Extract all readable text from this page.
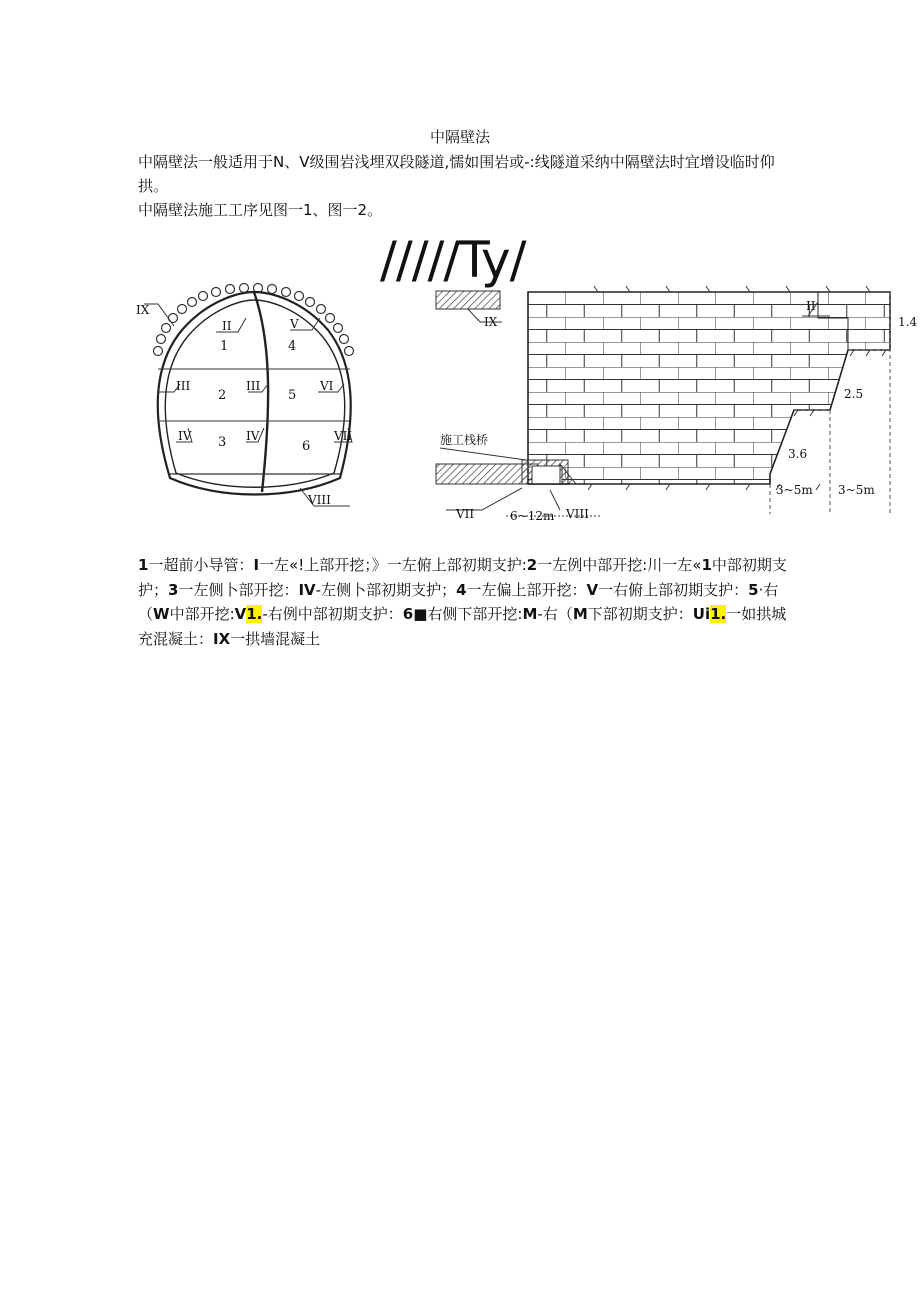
中隔壁法
中隔壁法一般适用于N、V级围岩浅埋双段隧道,懦如围岩或-:线隧道采纳中隔壁法时宜增设临时仰拱。
中隔壁法施工工序见图一1、图一2。
/////Ty/
1
2
3
4
5
6
IX
II	V
III	III	VI
IV	IV	VII
VIII
IX
II
施工栈桥
VII	6~12m VIII
1.4
2.5
3.6
3~5m 3~5m
1一超前小导管：I一左«!上部开挖；》一左俯上部初期支护:2一左例中部开挖:川一左«1中部初期支护；3一左侧卜部开挖：IV-左侧卜部初期支护；4一左偏上部开挖：V一右俯上部初期支护：5·右（W中部开挖:V1.-右例中部初期支护：6■右侧下部开挖:M-右（M下部初期支护：Ui1.一如拱城充混凝土：IX一拱墙混凝土
